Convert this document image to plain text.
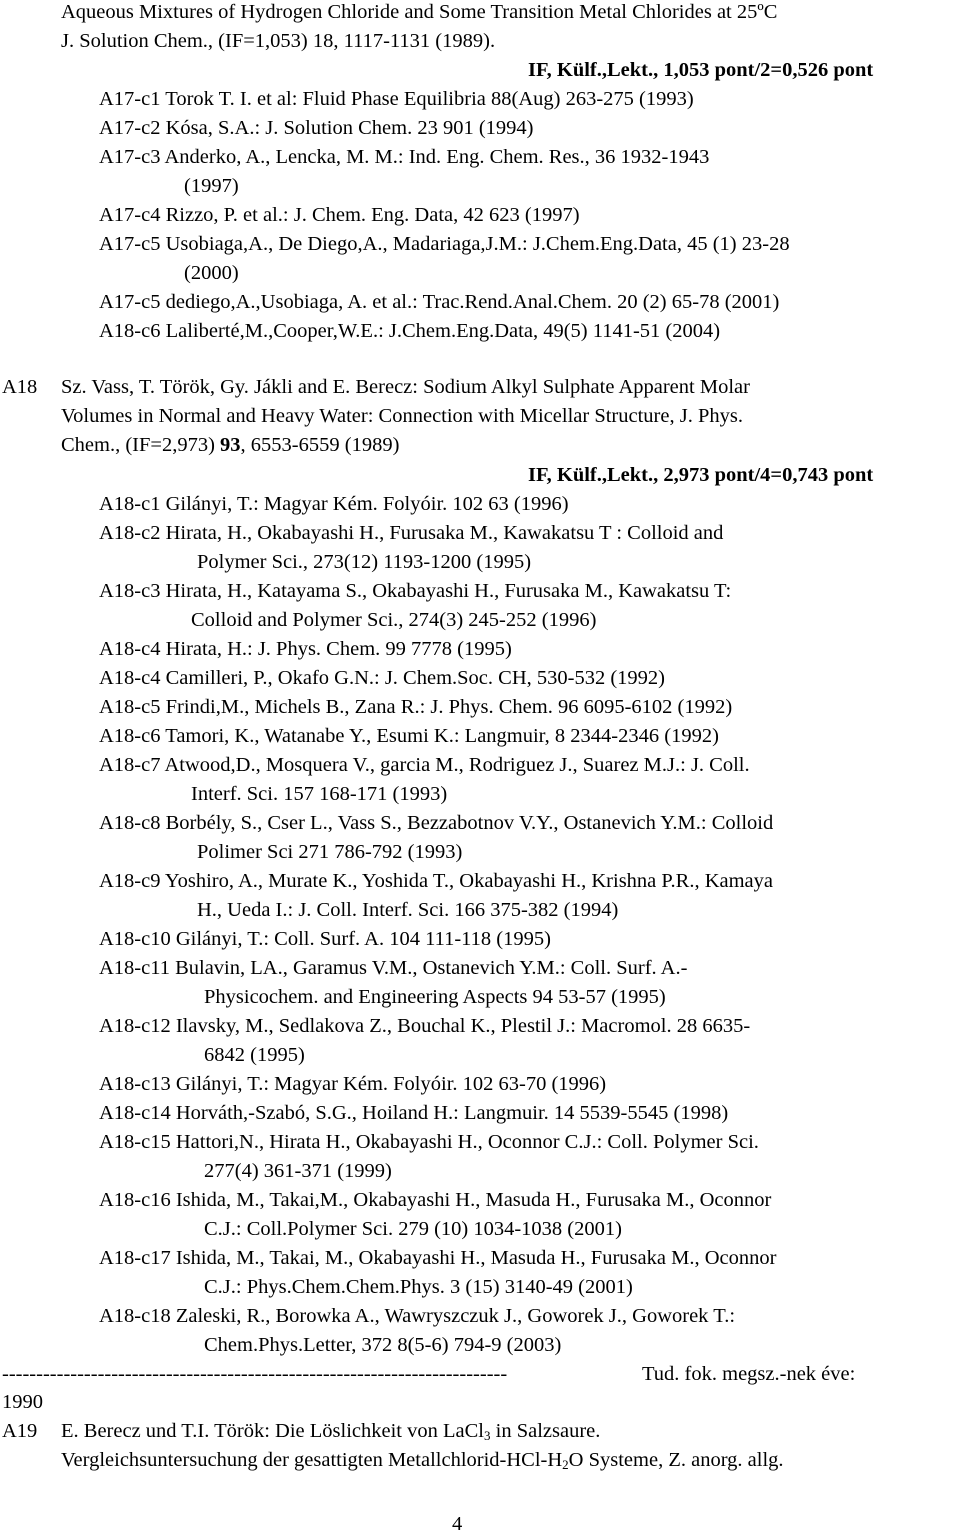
Aqueous Mixtures of Hydrogen Chloride and Some Transition Metal Chlorides at 25ºC
J. Solution Chem., (IF=1,053) 18, 1117-1131 (1989).
IF, Külf.,Lekt., 1,053 pont/2=0,526 pont
A17-c1 Torok T. I. et al: Fluid Phase Equilibria 88(Aug) 263-275 (1993)
A17-c2 Kósa, S.A.: J. Solution Chem. 23 901 (1994)
A17-c3 Anderko, A., Lencka, M. M.: Ind. Eng. Chem. Res., 36 1932-1943
(1997)
A17-c4 Rizzo, P. et al.: J. Chem. Eng. Data, 42 623 (1997)
A17-c5 Usobiaga,A., De Diego,A., Madariaga,J.M.: J.Chem.Eng.Data, 45 (1) 23-28
(2000)
A17-c5 dediego,A.,Usobiaga, A. et al.: Trac.Rend.Anal.Chem. 20 (2) 65-78 (2001)
A18-c6 Laliberté,M.,Cooper,W.E.: J.Chem.Eng.Data, 49(5) 1141-51 (2004)
A18 Sz. Vass, T. Török, Gy. Jákli and E. Berecz: Sodium Alkyl Sulphate Apparent Molar
Volumes in Normal and Heavy Water: Connection with Micellar Structure, J. Phys.
Chem., (IF=2,973) 93, 6553-6559 (1989)
IF, Külf.,Lekt., 2,973 pont/4=0,743 pont
A18-c1 Gilányi, T.: Magyar Kém. Folyóir. 102 63 (1996)
A18-c2 Hirata, H., Okabayashi H., Furusaka M., Kawakatsu T : Colloid and
Polymer Sci., 273(12) 1193-1200 (1995)
A18-c3 Hirata, H., Katayama S., Okabayashi H., Furusaka M., Kawakatsu T:
Colloid and Polymer Sci., 274(3) 245-252 (1996)
A18-c4 Hirata, H.: J. Phys. Chem. 99 7778 (1995)
A18-c4 Camilleri, P., Okafo G.N.: J. Chem.Soc. CH, 530-532 (1992)
A18-c5 Frindi,M., Michels B., Zana R.: J. Phys. Chem. 96 6095-6102 (1992)
A18-c6 Tamori, K., Watanabe Y., Esumi K.: Langmuir, 8 2344-2346 (1992)
A18-c7 Atwood,D., Mosquera V., garcia M., Rodriguez J., Suarez M.J.: J. Coll.
Interf. Sci. 157 168-171 (1993)
A18-c8 Borbély, S., Cser L., Vass S., Bezzabotnov V.Y., Ostanevich Y.M.: Colloid
Polimer Sci 271 786-792 (1993)
A18-c9 Yoshiro, A., Murate K., Yoshida T., Okabayashi H., Krishna P.R., Kamaya
H., Ueda I.: J. Coll. Interf. Sci. 166 375-382 (1994)
A18-c10 Gilányi, T.: Coll. Surf. A. 104 111-118 (1995)
A18-c11 Bulavin, LA., Garamus V.M., Ostanevich Y.M.: Coll. Surf. A.-
Physicochem. and Engineering Aspects 94 53-57 (1995)
A18-c12 Ilavsky, M., Sedlakova Z., Bouchal K., Plestil J.: Macromol. 28 6635-
6842 (1995)
A18-c13 Gilányi, T.: Magyar Kém. Folyóir. 102 63-70 (1996)
A18-c14 Horváth,-Szabó, S.G., Hoiland H.: Langmuir. 14 5539-5545 (1998)
A18-c15 Hattori,N., Hirata H., Okabayashi H., Oconnor C.J.: Coll. Polymer Sci.
277(4) 361-371 (1999)
A18-c16 Ishida, M., Takai,M., Okabayashi H., Masuda H., Furusaka M., Oconnor
C.J.: Coll.Polymer Sci. 279 (10) 1034-1038 (2001)
A18-c17 Ishida, M., Takai, M., Okabayashi H., Masuda H., Furusaka M., Oconnor
C.J.: Phys.Chem.Chem.Phys. 3 (15) 3140-49 (2001)
A18-c18 Zaleski, R., Borowka A., Wawryszczuk J., Goworek J., Goworek T.:
Chem.Phys.Letter, 372 8(5-6) 794-9 (2003)
--------------------------------------------------------------------------	Tud. fok. megsz.-nek éve:
1990
A19 E. Berecz und T.I. Török: Die Löslichkeit von LaCl$_3$ in Salzsaure.
Vergleichsuntersuchung der gesattigten Metallchlorid-$HCl-H_2O$ Systeme, Z. anorg. allg.
4
